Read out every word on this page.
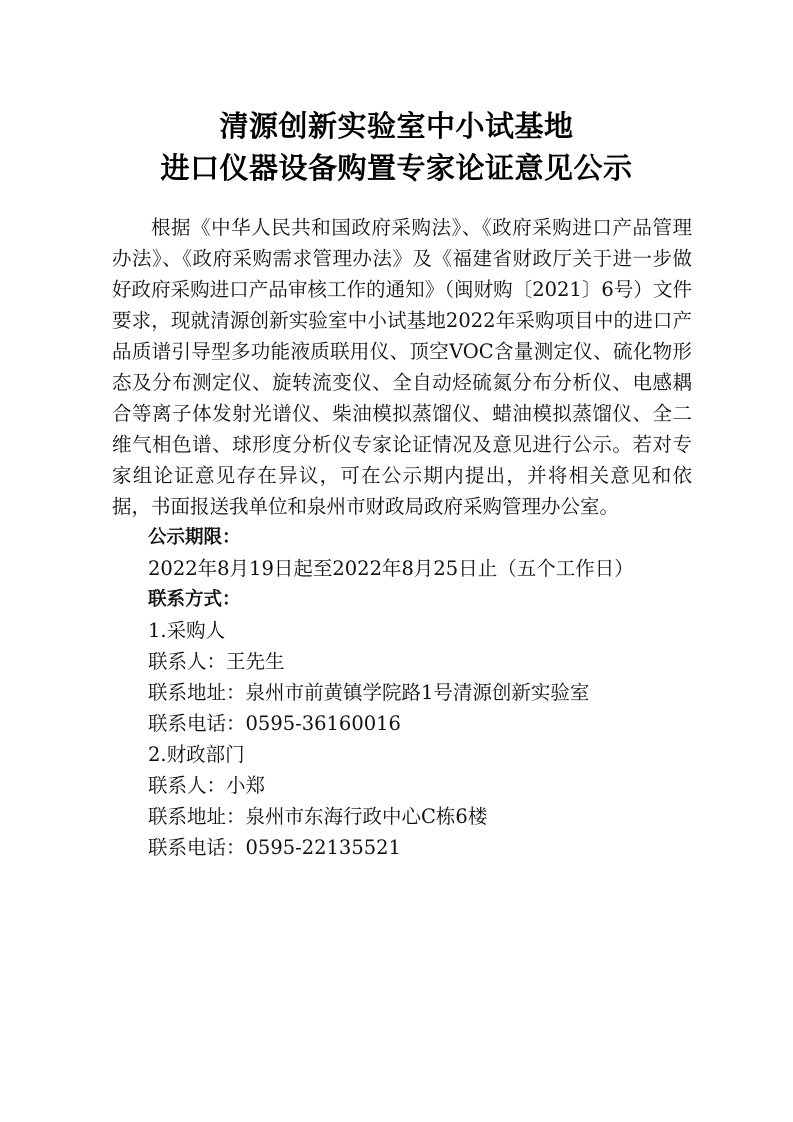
清源创新实验室中小试基地
进口仪器设备购置专家论证意见公示

根据《中华人民共和国政府采购法》、《政府采购进口产品管理办法》、《政府采购需求管理办法》及《福建省财政厅关于进一步做好政府采购进口产品审核工作的通知》（闽财购〔2021〕6号）文件要求，现就清源创新实验室中小试基地2022年采购项目中的进口产品质谱引导型多功能液质联用仪、顶空VOC含量测定仪、硫化物形态及分布测定仪、旋转流变仪、全自动烃硫氮分布分析仪、电感耦合等离子体发射光谱仪、柴油模拟蒸馏仪、蜡油模拟蒸馏仪、全二维气相色谱、球形度分析仪专家论证情况及意见进行公示。若对专家组论证意见存在异议，可在公示期内提出，并将相关意见和依据，书面报送我单位和泉州市财政局政府采购管理办公室。

公示期限：

2022年8月19日起至2022年8月25日止（五个工作日）

联系方式：

1.采购人

联系人：王先生

联系地址：泉州市前黄镇学院路1号清源创新实验室

联系电话：0595-36160016

2.财政部门

联系人：小郑

联系地址：泉州市东海行政中心C栋6楼

联系电话：0595-22135521
